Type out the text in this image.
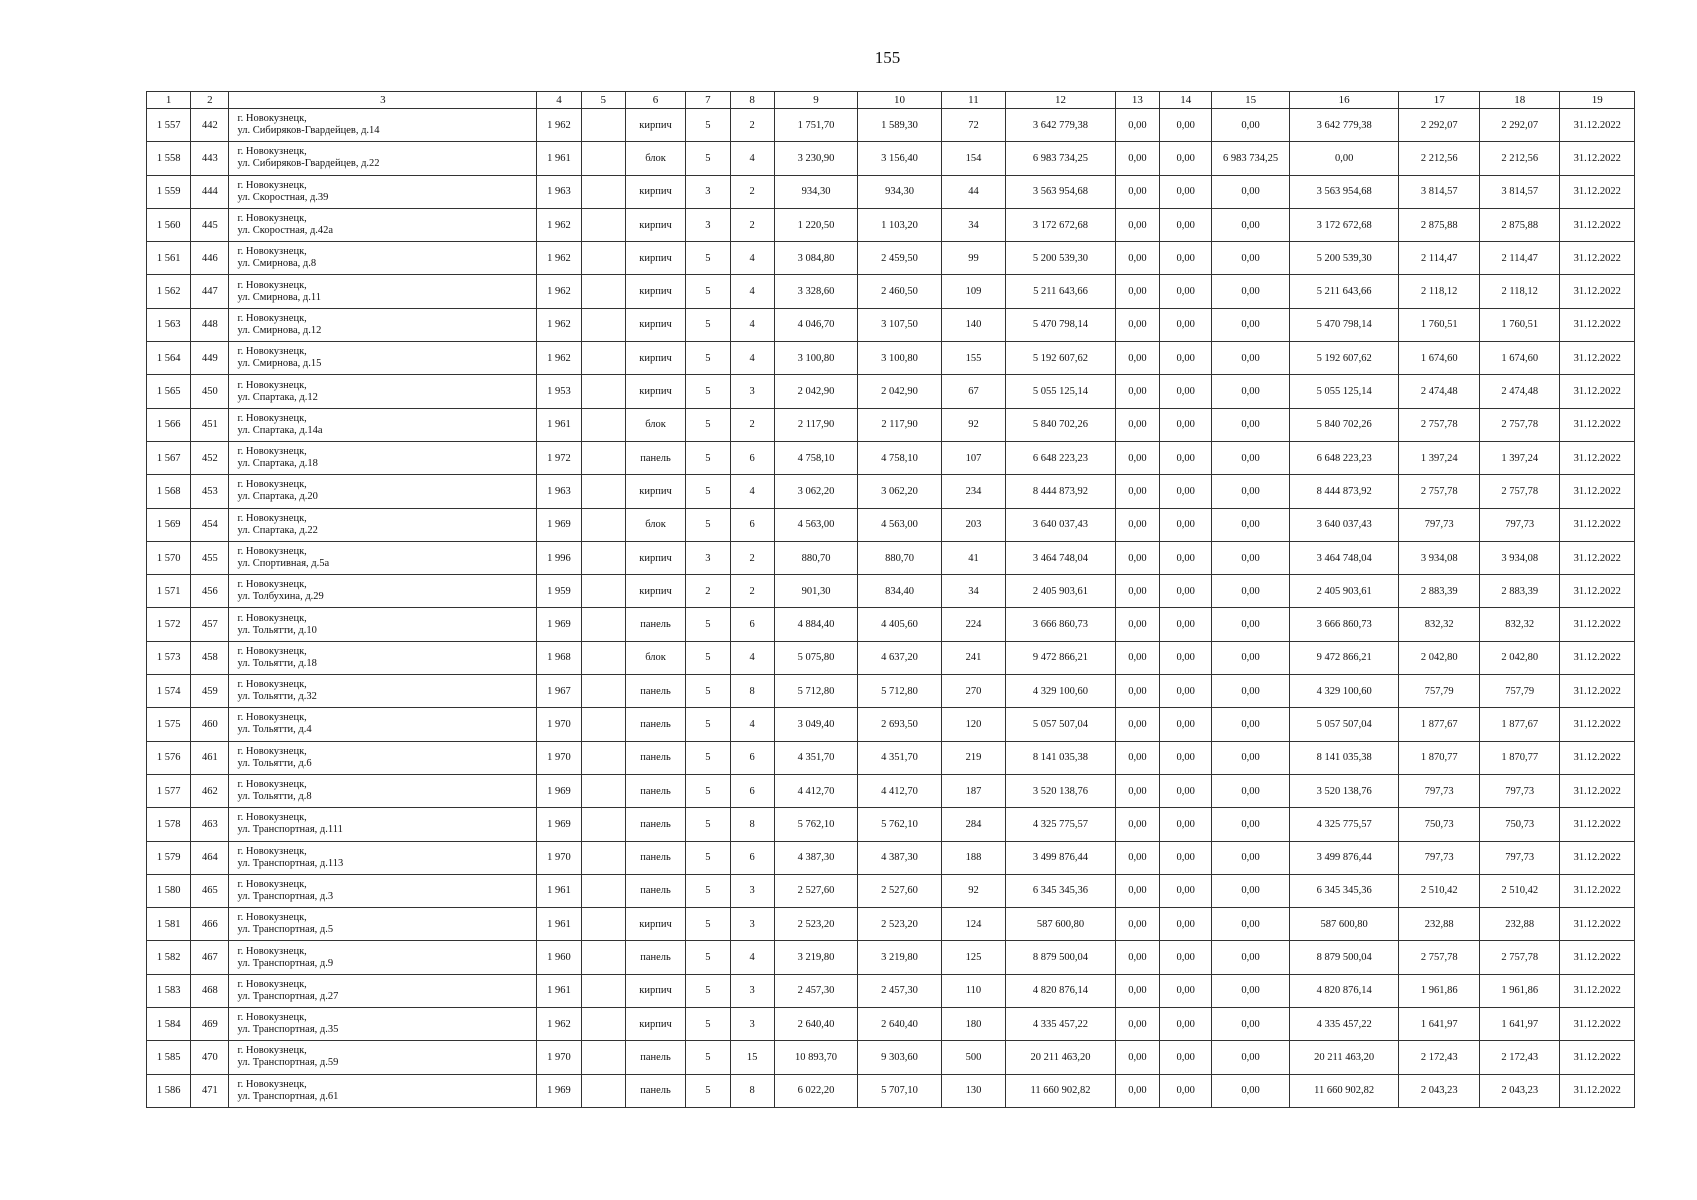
155
1	2	3	4	5	6	7	8	9	10	11	12	13	14	15	16	17	18	19
1 557	442	г. Новокузнецк,
ул. Сибиряков-Гвардейцев, д.14	1 962		кирпич	5	2	1 751,70	1 589,30	72	3 642 779,38	0,00	0,00	0,00	3 642 779,38	2 292,07	2 292,07	31.12.2022
1 558	443	г. Новокузнецк,
ул. Сибиряков-Гвардейцев, д.22	1 961		блок	5	4	3 230,90	3 156,40	154	6 983 734,25	0,00	0,00	6 983 734,25	0,00	2 212,56	2 212,56	31.12.2022
1 559	444	г. Новокузнецк,
ул. Скоростная, д.39	1 963		кирпич	3	2	934,30	934,30	44	3 563 954,68	0,00	0,00	0,00	3 563 954,68	3 814,57	3 814,57	31.12.2022
1 560	445	г. Новокузнецк,
ул. Скоростная, д.42а	1 962		кирпич	3	2	1 220,50	1 103,20	34	3 172 672,68	0,00	0,00	0,00	3 172 672,68	2 875,88	2 875,88	31.12.2022
1 561	446	г. Новокузнецк,
ул. Смирнова, д.8	1 962		кирпич	5	4	3 084,80	2 459,50	99	5 200 539,30	0,00	0,00	0,00	5 200 539,30	2 114,47	2 114,47	31.12.2022
1 562	447	г. Новокузнецк,
ул. Смирнова, д.11	1 962		кирпич	5	4	3 328,60	2 460,50	109	5 211 643,66	0,00	0,00	0,00	5 211 643,66	2 118,12	2 118,12	31.12.2022
1 563	448	г. Новокузнецк,
ул. Смирнова, д.12	1 962		кирпич	5	4	4 046,70	3 107,50	140	5 470 798,14	0,00	0,00	0,00	5 470 798,14	1 760,51	1 760,51	31.12.2022
1 564	449	г. Новокузнецк,
ул. Смирнова, д.15	1 962		кирпич	5	4	3 100,80	3 100,80	155	5 192 607,62	0,00	0,00	0,00	5 192 607,62	1 674,60	1 674,60	31.12.2022
1 565	450	г. Новокузнецк,
ул. Спартака, д.12	1 953		кирпич	5	3	2 042,90	2 042,90	67	5 055 125,14	0,00	0,00	0,00	5 055 125,14	2 474,48	2 474,48	31.12.2022
1 566	451	г. Новокузнецк,
ул. Спартака, д.14а	1 961		блок	5	2	2 117,90	2 117,90	92	5 840 702,26	0,00	0,00	0,00	5 840 702,26	2 757,78	2 757,78	31.12.2022
1 567	452	г. Новокузнецк,
ул. Спартака, д.18	1 972		панель	5	6	4 758,10	4 758,10	107	6 648 223,23	0,00	0,00	0,00	6 648 223,23	1 397,24	1 397,24	31.12.2022
1 568	453	г. Новокузнецк,
ул. Спартака, д.20	1 963		кирпич	5	4	3 062,20	3 062,20	234	8 444 873,92	0,00	0,00	0,00	8 444 873,92	2 757,78	2 757,78	31.12.2022
1 569	454	г. Новокузнецк,
ул. Спартака, д.22	1 969		блок	5	6	4 563,00	4 563,00	203	3 640 037,43	0,00	0,00	0,00	3 640 037,43	797,73	797,73	31.12.2022
1 570	455	г. Новокузнецк,
ул. Спортивная, д.5а	1 996		кирпич	3	2	880,70	880,70	41	3 464 748,04	0,00	0,00	0,00	3 464 748,04	3 934,08	3 934,08	31.12.2022
1 571	456	г. Новокузнецк,
ул. Толбухина, д.29	1 959		кирпич	2	2	901,30	834,40	34	2 405 903,61	0,00	0,00	0,00	2 405 903,61	2 883,39	2 883,39	31.12.2022
1 572	457	г. Новокузнецк,
ул. Тольятти, д.10	1 969		панель	5	6	4 884,40	4 405,60	224	3 666 860,73	0,00	0,00	0,00	3 666 860,73	832,32	832,32	31.12.2022
1 573	458	г. Новокузнецк,
ул. Тольятти, д.18	1 968		блок	5	4	5 075,80	4 637,20	241	9 472 866,21	0,00	0,00	0,00	9 472 866,21	2 042,80	2 042,80	31.12.2022
1 574	459	г. Новокузнецк,
ул. Тольятти, д.32	1 967		панель	5	8	5 712,80	5 712,80	270	4 329 100,60	0,00	0,00	0,00	4 329 100,60	757,79	757,79	31.12.2022
1 575	460	г. Новокузнецк,
ул. Тольятти, д.4	1 970		панель	5	4	3 049,40	2 693,50	120	5 057 507,04	0,00	0,00	0,00	5 057 507,04	1 877,67	1 877,67	31.12.2022
1 576	461	г. Новокузнецк,
ул. Тольятти, д.6	1 970		панель	5	6	4 351,70	4 351,70	219	8 141 035,38	0,00	0,00	0,00	8 141 035,38	1 870,77	1 870,77	31.12.2022
1 577	462	г. Новокузнецк,
ул. Тольятти, д.8	1 969		панель	5	6	4 412,70	4 412,70	187	3 520 138,76	0,00	0,00	0,00	3 520 138,76	797,73	797,73	31.12.2022
1 578	463	г. Новокузнецк,
ул. Транспортная, д.111	1 969		панель	5	8	5 762,10	5 762,10	284	4 325 775,57	0,00	0,00	0,00	4 325 775,57	750,73	750,73	31.12.2022
1 579	464	г. Новокузнецк,
ул. Транспортная, д.113	1 970		панель	5	6	4 387,30	4 387,30	188	3 499 876,44	0,00	0,00	0,00	3 499 876,44	797,73	797,73	31.12.2022
1 580	465	г. Новокузнецк,
ул. Транспортная, д.3	1 961		панель	5	3	2 527,60	2 527,60	92	6 345 345,36	0,00	0,00	0,00	6 345 345,36	2 510,42	2 510,42	31.12.2022
1 581	466	г. Новокузнецк,
ул. Транспортная, д.5	1 961		кирпич	5	3	2 523,20	2 523,20	124	587 600,80	0,00	0,00	0,00	587 600,80	232,88	232,88	31.12.2022
1 582	467	г. Новокузнецк,
ул. Транспортная, д.9	1 960		панель	5	4	3 219,80	3 219,80	125	8 879 500,04	0,00	0,00	0,00	8 879 500,04	2 757,78	2 757,78	31.12.2022
1 583	468	г. Новокузнецк,
ул. Транспортная, д.27	1 961		кирпич	5	3	2 457,30	2 457,30	110	4 820 876,14	0,00	0,00	0,00	4 820 876,14	1 961,86	1 961,86	31.12.2022
1 584	469	г. Новокузнецк,
ул. Транспортная, д.35	1 962		кирпич	5	3	2 640,40	2 640,40	180	4 335 457,22	0,00	0,00	0,00	4 335 457,22	1 641,97	1 641,97	31.12.2022
1 585	470	г. Новокузнецк,
ул. Транспортная, д.59	1 970		панель	5	15	10 893,70	9 303,60	500	20 211 463,20	0,00	0,00	0,00	20 211 463,20	2 172,43	2 172,43	31.12.2022
1 586	471	г. Новокузнецк,
ул. Транспортная, д.61	1 969		панель	5	8	6 022,20	5 707,10	130	11 660 902,82	0,00	0,00	0,00	11 660 902,82	2 043,23	2 043,23	31.12.2022
